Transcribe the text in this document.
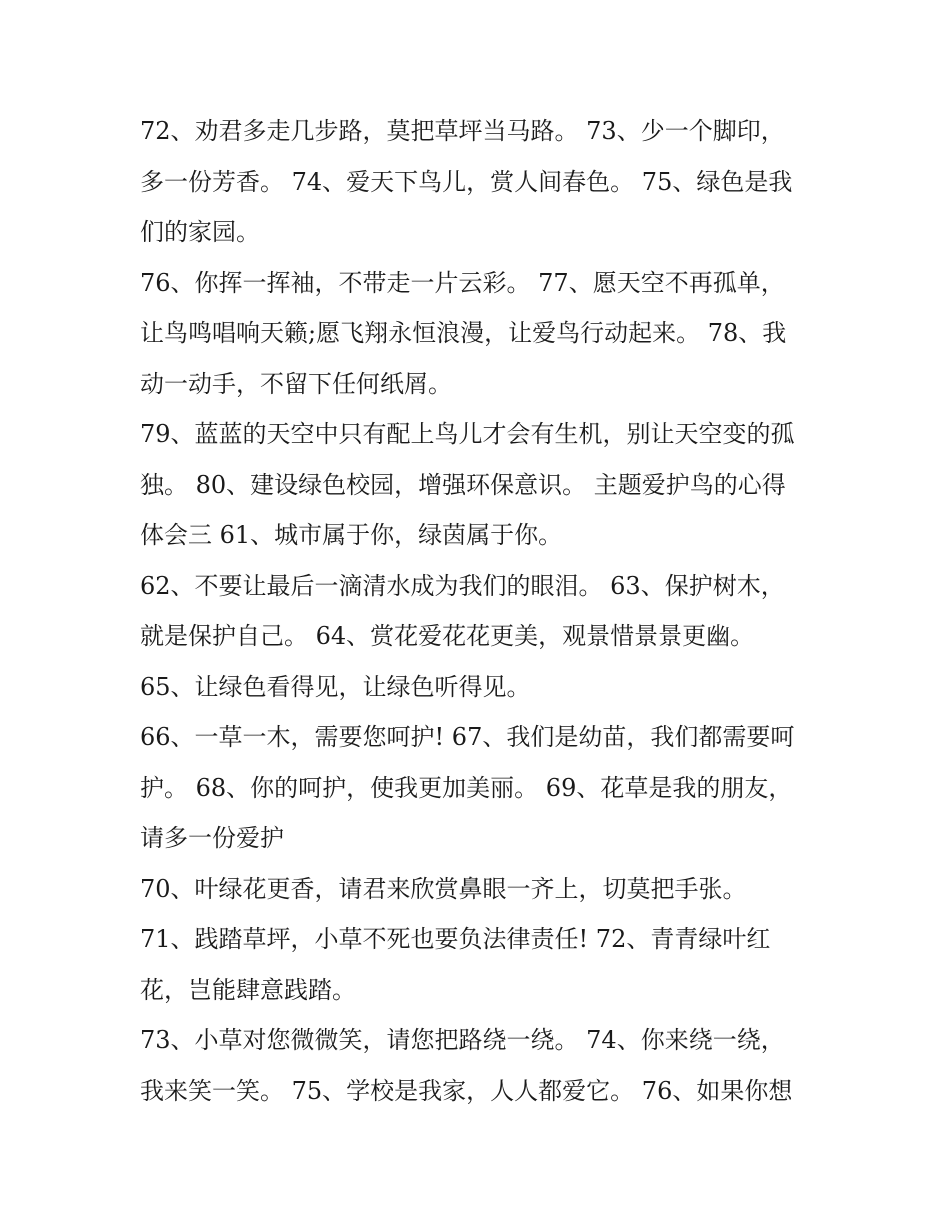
72、劝君多走几步路，莫把草坪当马路。 73、少一个脚印，
多一份芳香。 74、爱天下鸟儿，赏人间春色。 75、绿色是我
们的家园。

76、你挥一挥袖，不带走一片云彩。 77、愿天空不再孤单，
让鸟鸣唱响天籁;愿飞翔永恒浪漫，让爱鸟行动起来。 78、我
动一动手，不留下任何纸屑。

79、蓝蓝的天空中只有配上鸟儿才会有生机，别让天空变的孤
独。 80、建设绿色校园，增强环保意识。 主题爱护鸟的心得
体会三 61、城市属于你，绿茵属于你。

62、不要让最后一滴清水成为我们的眼泪。 63、保护树木，
就是保护自己。 64、赏花爱花花更美，观景惜景景更幽。

65、让绿色看得见，让绿色听得见。

66、一草一木，需要您呵护! 67、我们是幼苗，我们都需要呵
护。 68、你的呵护，使我更加美丽。 69、花草是我的朋友，
请多一份爱护

70、叶绿花更香，请君来欣赏鼻眼一齐上，切莫把手张。

71、践踏草坪，小草不死也要负法律责任! 72、青青绿叶红
花，岂能肆意践踏。

73、小草对您微微笑，请您把路绕一绕。 74、你来绕一绕，
我来笑一笑。 75、学校是我家，人人都爱它。 76、如果你想
